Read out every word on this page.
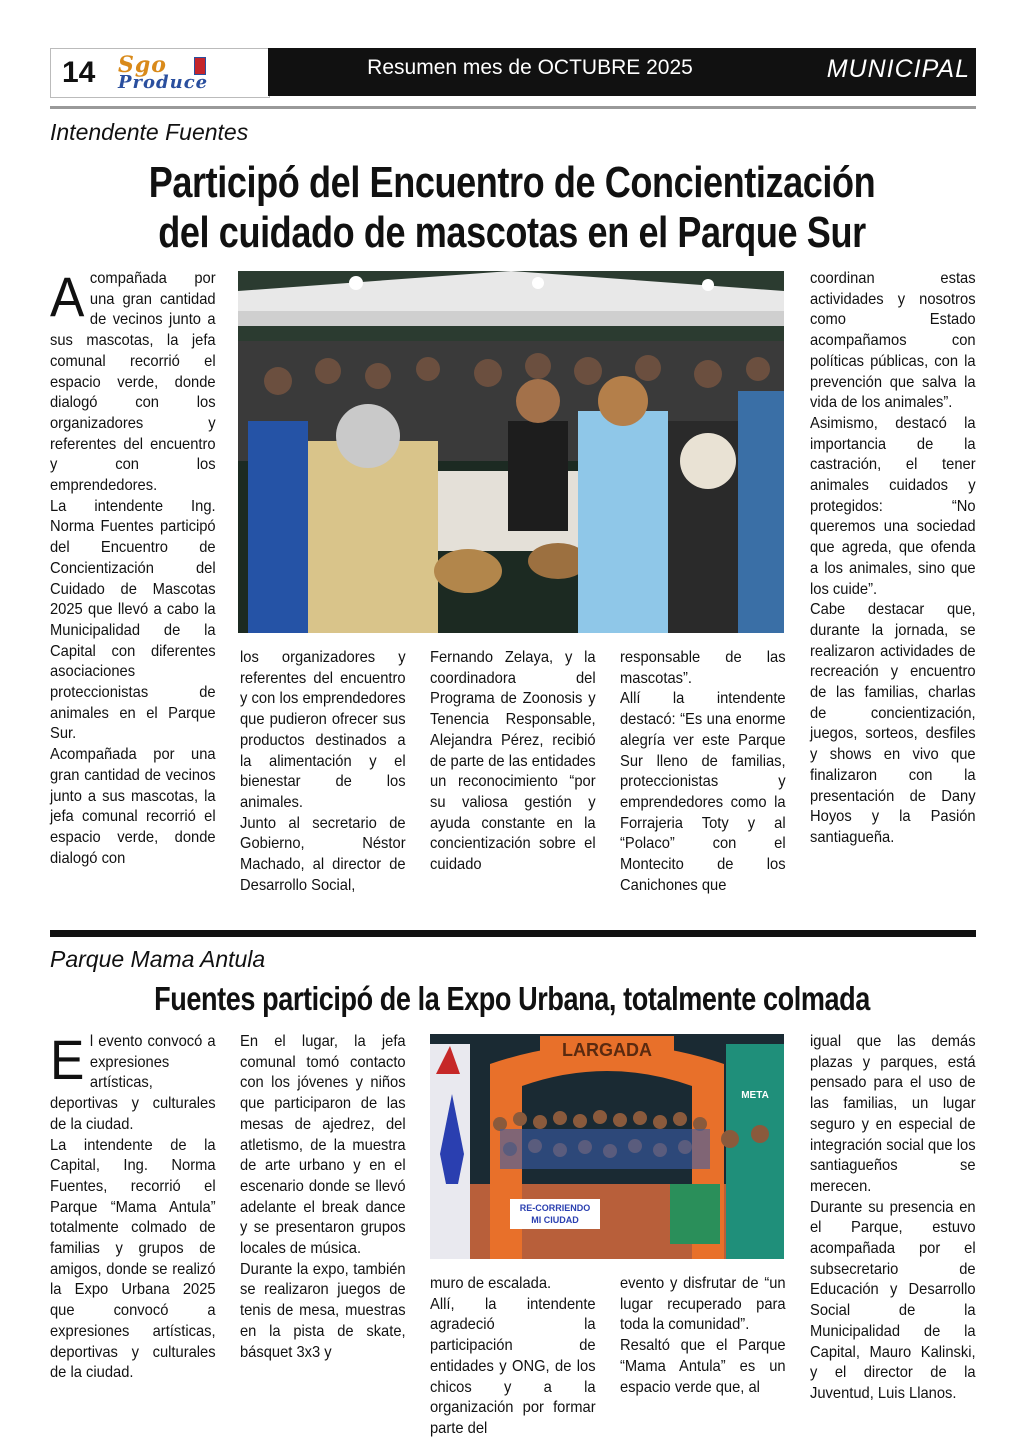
14 Sgo
Produce
Resumen mes de OCTUBRE 2025	MUNICIPAL
Intendente Fuentes
Participó del Encuentro de Concientización
del cuidado de mascotas en el Parque Sur

Acompañada por una gran cantidad de vecinos junto a sus mascotas, la jefa comunal recorrió el espacio verde, donde dialogó con los organizadores y referentes del encuentro y con los emprendedores.

La intendente Ing. Norma Fuentes participó del Encuentro de Concientización del Cuidado de Mascotas 2025 que llevó a cabo la Municipalidad de la Capital con diferentes asociaciones proteccionistas de animales en el Parque Sur.

Acompañada por una gran cantidad de vecinos junto a sus mascotas, la jefa comunal recorrió el espacio verde, donde dialogó con

los organizadores y referentes del encuentro y con los emprendedores que pudieron ofrecer sus productos destinados a la alimentación y el bienestar de los animales.

Junto al secretario de Gobierno, Néstor Machado, al director de Desarrollo Social,

Fernando Zelaya, y la coordinadora del Programa de Zoonosis y Tenencia Responsable, Alejandra Pérez, recibió de parte de las entidades un reconocimiento “por su valiosa gestión y ayuda constante en la concientización sobre el cuidado

responsable de las mascotas”.

Allí la intendente destacó: “Es una enorme alegría ver este Parque Sur lleno de familias, proteccionistas y emprendedores como la Forrajeria Toty y al “Polaco” con el Montecito de los Canichones que

coordinan estas actividades y nosotros como Estado acompañamos con políticas públicas, con la prevención que salva la vida de los animales”.

Asimismo, destacó la importancia de la castración, el tener animales cuidados y protegidos: “No queremos una sociedad que agreda, que ofenda a los animales, sino que los cuide”.

Cabe destacar que, durante la jornada, se realizaron actividades de recreación y encuentro de las familias, charlas de concientización, juegos, sorteos, desfiles y shows en vivo que finalizaron con la presentación de Dany Hoyos y la Pasión santiagueña.

Parque Mama Antula
Fuentes participó de la Expo Urbana, totalmente colmada
LARGADA
META
RE-CORRIENDO
MI CIUDAD

El evento convocó a expresiones artísticas, deportivas y culturales de la ciudad.

La intendente de la Capital, Ing. Norma Fuentes, recorrió el Parque “Mama Antula” totalmente colmado de familias y grupos de amigos, donde se realizó la Expo Urbana 2025 que convocó a expresiones artísticas, deportivas y culturales de la ciudad.

En el lugar, la jefa comunal tomó contacto con los jóvenes y niños que participaron de las mesas de ajedrez, del atletismo, de la muestra de arte urbano y en el escenario donde se llevó adelante el break dance y se presentaron grupos locales de música.

Durante la expo, también se realizaron juegos de tenis de mesa, muestras en la pista de skate, básquet 3x3 y

muro de escalada.

Allí, la intendente agradeció la participación de entidades y ONG, de los chicos y a la organización por formar parte del

evento y disfrutar de “un lugar recuperado para toda la comunidad”.

Resaltó que el Parque “Mama Antula” es un espacio verde que, al

igual que las demás plazas y parques, está pensado para el uso de las familias, un lugar seguro y en especial de integración social que los santiagueños se merecen.

Durante su presencia en el Parque, estuvo acompañada por el subsecretario de Educación y Desarrollo Social de la Municipalidad de la Capital, Mauro Kalinski, y el director de la Juventud, Luis Llanos.
